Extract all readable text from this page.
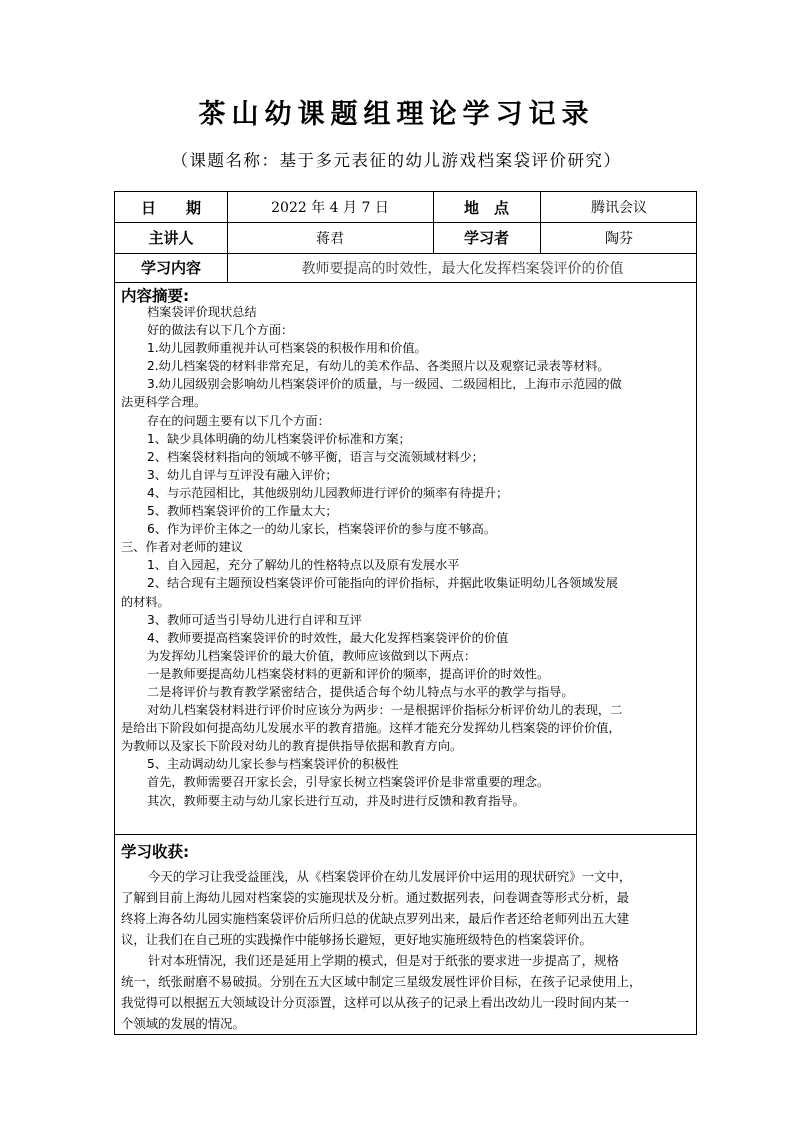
茶山幼课题组理论学习记录
（课题名称：基于多元表征的幼儿游戏档案袋评价研究）
日　　期	2022 年 4 月 7 日	地　点	腾讯会议
主讲人	蒋君	学习者	陶芬
学习内容	教师要提高的时效性，最大化发挥档案袋评价的价值
内容摘要:

档案袋评价现状总结

好的做法有以下几个方面：

1.幼儿园教师重视并认可档案袋的积极作用和价值。

2.幼儿档案袋的材料非常充足，有幼儿的美术作品、各类照片以及观察记录表等材料。

3.幼儿园级别会影响幼儿档案袋评价的质量，与一级园、二级园相比，上海市示范园的做

法更科学合理。

存在的问题主要有以下几个方面：

1、缺少具体明确的幼儿档案袋评价标准和方案；

2、档案袋材料指向的领域不够平衡，语言与交流领域材料少；

3、幼儿自评与互评没有融入评价；

4、与示范园相比，其他级别幼儿园教师进行评价的频率有待提升；

5、教师档案袋评价的工作量太大；

6、作为评价主体之一的幼儿家长，档案袋评价的参与度不够高。

三、作者对老师的建议

1、自入园起，充分了解幼儿的性格特点以及原有发展水平

2、结合现有主题预设档案袋评价可能指向的评价指标，并据此收集证明幼儿各领域发展

的材料。

3、教师可适当引导幼儿进行自评和互评

4、教师要提高档案袋评价的时效性，最大化发挥档案袋评价的价值

为发挥幼儿档案袋评价的最大价值，教师应该做到以下两点：

一是教师要提高幼儿档案袋材料的更新和评价的频率，提高评价的时效性。

二是将评价与教育教学紧密结合，提供适合每个幼儿特点与水平的教学与指导。

对幼儿档案袋材料进行评价时应该分为两步：一是根据评价指标分析评价幼儿的表现，二

是给出下阶段如何提高幼儿发展水平的教育措施。这样才能充分发挥幼儿档案袋的评价价值，

为教师以及家长下阶段对幼儿的教育提供指导依据和教育方向。

5、主动调动幼儿家长参与档案袋评价的积极性

首先，教师需要召开家长会，引导家长树立档案袋评价是非常重要的理念。

其次，教师要主动与幼儿家长进行互动，并及时进行反馈和教育指导。

学习收获:

今天的学习让我受益匪浅，从《档案袋评价在幼儿发展评价中运用的现状研究》一文中，

了解到目前上海幼儿园对档案袋的实施现状及分析。通过数据列表，问卷调查等形式分析，最

终将上海各幼儿园实施档案袋评价后所归总的优缺点罗列出来，最后作者还给老师列出五大建

议，让我们在自己班的实践操作中能够扬长避短，更好地实施班级特色的档案袋评价。

针对本班情况，我们还是延用上学期的模式，但是对于纸张的要求进一步提高了，规格

统一，纸张耐磨不易破损。分别在五大区域中制定三星级发展性评价目标，在孩子记录使用上，

我觉得可以根据五大领域设计分页添置，这样可以从孩子的记录上看出改幼儿一段时间内某一

个领域的发展的情况。
